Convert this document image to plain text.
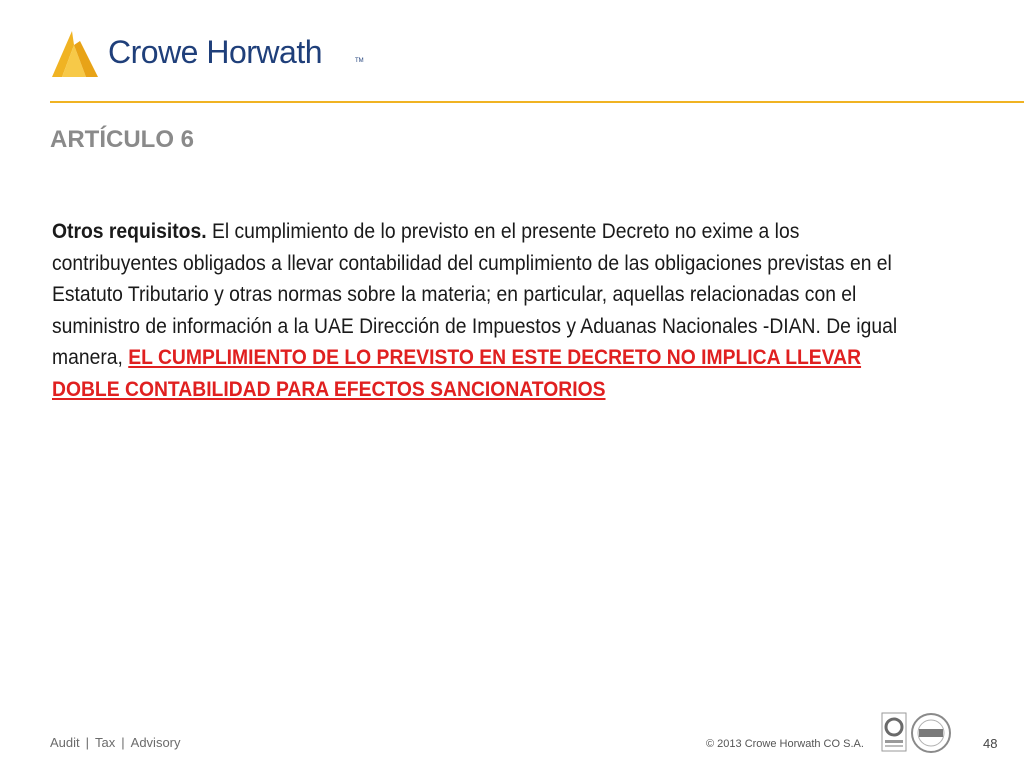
Crowe Horwath	TM
ARTÍCULO 6

Otros requisitos. El cumplimiento de lo previsto en el presente Decreto no exime a los contribuyentes obligados a llevar contabilidad del cumplimiento de las obligaciones previstas en el Estatuto Tributario y otras normas sobre la materia; en particular, aquellas relacionadas con el suministro de información a la UAE Dirección de Impuestos y Aduanas Nacionales -DIAN. De igual manera, EL CUMPLIMIENTO DE LO PREVISTO EN ESTE DECRETO NO IMPLICA LLEVAR DOBLE CONTABILIDAD PARA EFECTOS SANCIONATORIOS

Audit | Tax | Advisory	© 2013 Crowe Horwath CO S.A.	48
